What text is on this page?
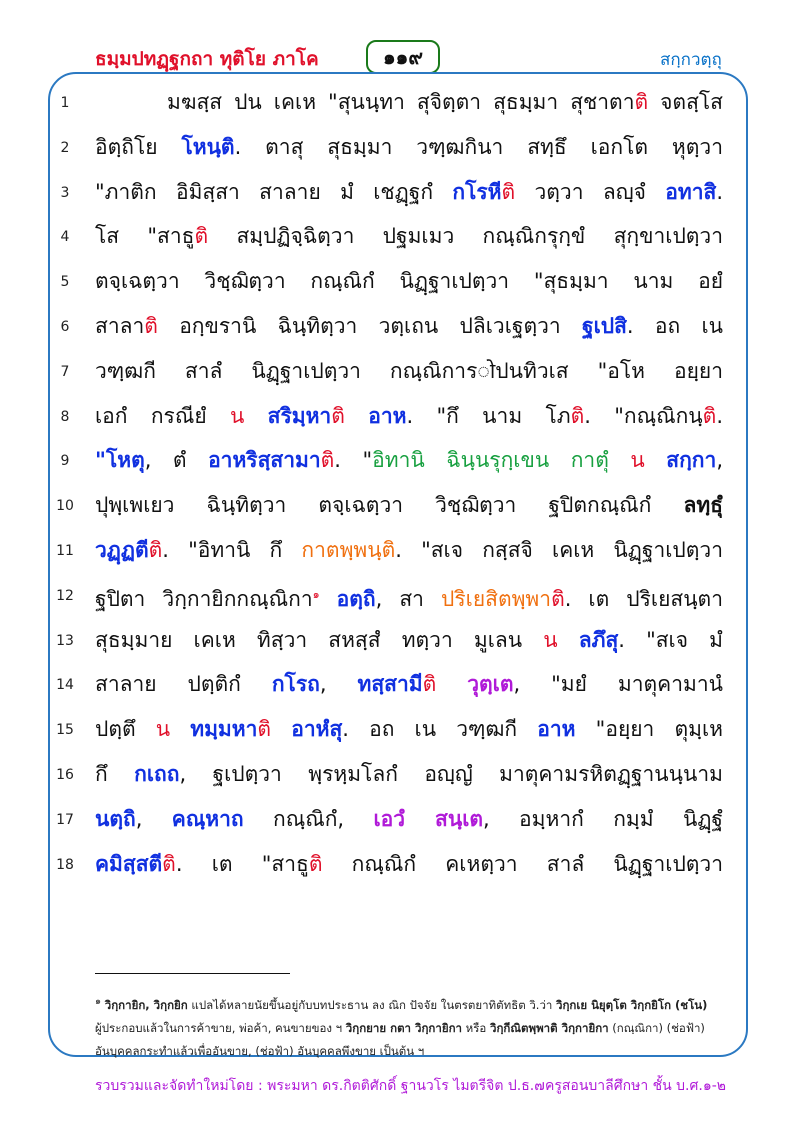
ธมฺมปทฏฺฐกถา ทุติโย ภาโค	๑๑๙	สกฺกวตฺถุ
1	มฆสฺส ปน เคเห "สุนนฺทา สุจิตฺตา สุธมฺมา สุชาตาติ จตสฺโส
2	อิตฺถิโย โหนฺติ. ตาสุ สุธมฺมา วฑฺฒกินา สทฺธึ เอกโต หุตฺวา
3	"ภาติก อิมิสฺสา สาลาย มํ เชฏฺฐกํ กโรหีติ วตฺวา ลญฺจํ อทาสิ.
4	โส "สาธูติ สมฺปฏิจฺฉิตฺวา ปฐมเมว กณฺณิกรุกฺขํ สุกฺขาเปตฺวา
5	ตจฺเฉตฺวา วิชฺฌิตฺวา กณฺณิกํ นิฏฺฐาเปตฺวา "สุธมฺมา นาม อยํ
6	สาลาติ อกฺขรานิ ฉินฺทิตฺวา วตฺเถน ปลิเวเฐตฺวา ฐเปสิ. อถ เน
7	วฑฺฒกี สาลํ นิฏฺฐาเปตฺวา กณฺณิการोปนทิวเส "อโห อยฺยา
8	เอกํ กรณียํ น สริมฺหาติ อาห. "กึ นาม โภติ. "กณฺณิกนฺติ.
9	"โหตุ, ตํ อาหริสฺสามาติ. "อิทานิ ฉินฺนรุกฺเขน กาตุํ น สกฺกา,
10 ปุพฺเพเยว ฉินฺทิตฺวา ตจฺเฉตฺวา วิชฺฌิตฺวา ฐปิตกณฺณิกํ ลทฺธุํ
11 วฏฺฏตีติ. "อิทานิ กึ กาตพฺพนฺติ. "สเจ กสฺสจิ เคเห นิฏฺฐาเปตฺวา
12 ฐปิตา วิกฺกายิกกณฺณิกา$^๑$ อตฺถิ, สา ปริเยสิตพฺพาติ. เต ปริเยสนฺตา
13 สุธมฺมาย เคเห ทิสฺวา สหสฺสํ ทตฺวา มูเลน น ลภึสุ. "สเจ มํ
14 สาลาย ปตฺติกํ กโรถ, ทสฺสามีติ วุตฺเต, "มยํ มาตุคามานํ
15 ปตฺตึ น ทมฺมหาติ อาหํสุ. อถ เน วฑฺฒกี อาห "อยฺยา ตุมฺเห
16 กึ กเถถ, ฐเปตฺวา พฺรหฺมโลกํ อญฺญํ มาตุคามรหิตฏฺฐานนฺนาม
17 นตฺถิ, คณฺหาถ กณฺณิกํ, เอวํ สนฺเต, อมฺหากํ กมฺมํ นิฏฺฐํ
18 คมิสฺสตีติ. เต "สาธูติ กณฺณิกํ คเหตฺวา สาลํ นิฏฺฐาเปตฺวา
$^๑$ วิกฺกายิก, วิกฺกยิก แปลได้หลายนัยขึ้นอยู่กับบทประธาน ลง ณิก ปัจจัย ในตรตยาทิตัทธิต วิ.ว่า วิกฺกเย นิยุตฺโต วิกฺกยิโก (ชโน)
ผู้ประกอบแล้วในการค้าขาย, พ่อค้า, คนขายของ ฯ วิกฺกยาย กตา วิกฺกายิกา หรือ วิกฺกีณิตพฺพาติ วิกฺกายิกา (กณฺณิกา) (ช่อฟ้า)
อันบุคคลกระทำแล้วเพื่ออันขาย, (ช่อฟ้า) อันบุคคลพึงขาย เป็นต้น ฯ
รวบรวมและจัดทำใหม่โดย : พระมหา ดร.กิตติศักดิ์ ฐานวโร ไมตรีจิต ป.ธ.๗ ครูสอนบาลีศึกษา ชั้น บ.ศ.๑-๒
